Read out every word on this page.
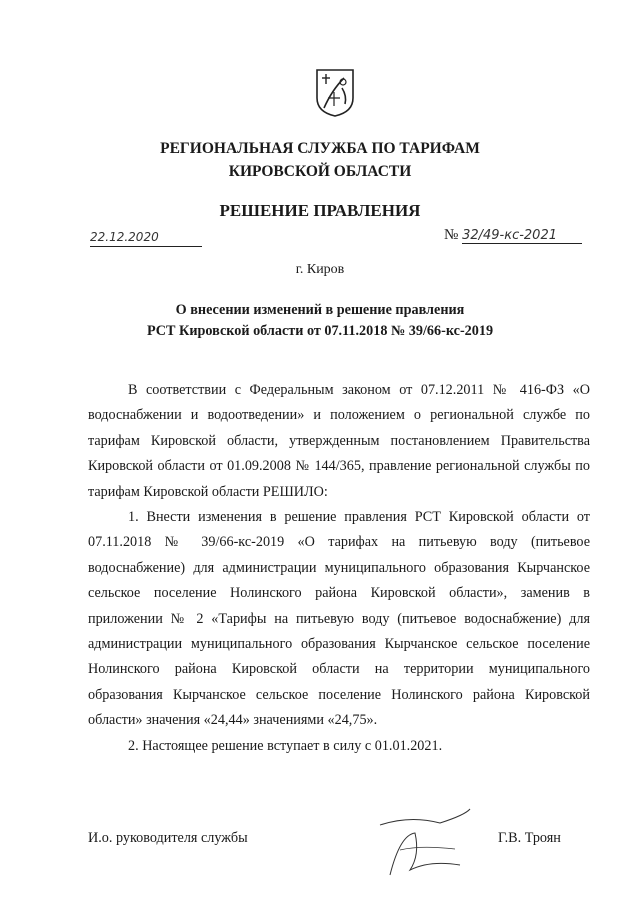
РЕГИОНАЛЬНАЯ СЛУЖБА ПО ТАРИФАМ
КИРОВСКОЙ ОБЛАСТИ
РЕШЕНИЕ ПРАВЛЕНИЯ
22.12.2020	№ 32/49-кс-2021
г. Киров
О внесении изменений в решение правления
РСТ Кировской области от 07.11.2018 № 39/66-кс-2019

В соответствии с Федеральным законом от 07.12.2011 № 416-ФЗ «О водоснабжении и водоотведении» и положением о региональной службе по тарифам Кировской области, утвержденным постановлением Правительства Кировской области от 01.09.2008 № 144/365, правление региональной службы по тарифам Кировской области РЕШИЛО:

1. Внести изменения в решение правления РСТ Кировской области от 07.11.2018 № 39/66-кс-2019 «О тарифах на питьевую воду (питьевое водоснабжение) для администрации муниципального образования Кырчанское сельское поселение Нолинского района Кировской области», заменив в приложении № 2 «Тарифы на питьевую воду (питьевое водоснабжение) для администрации муниципального образования Кырчанское сельское поселение Нолинского района Кировской области на территории муниципального образования Кырчанское сельское поселение Нолинского района Кировской области» значения «24,44» значениями «24,75».

2. Настоящее решение вступает в силу с 01.01.2021.

И.о. руководителя службы	Г.В. Троян
